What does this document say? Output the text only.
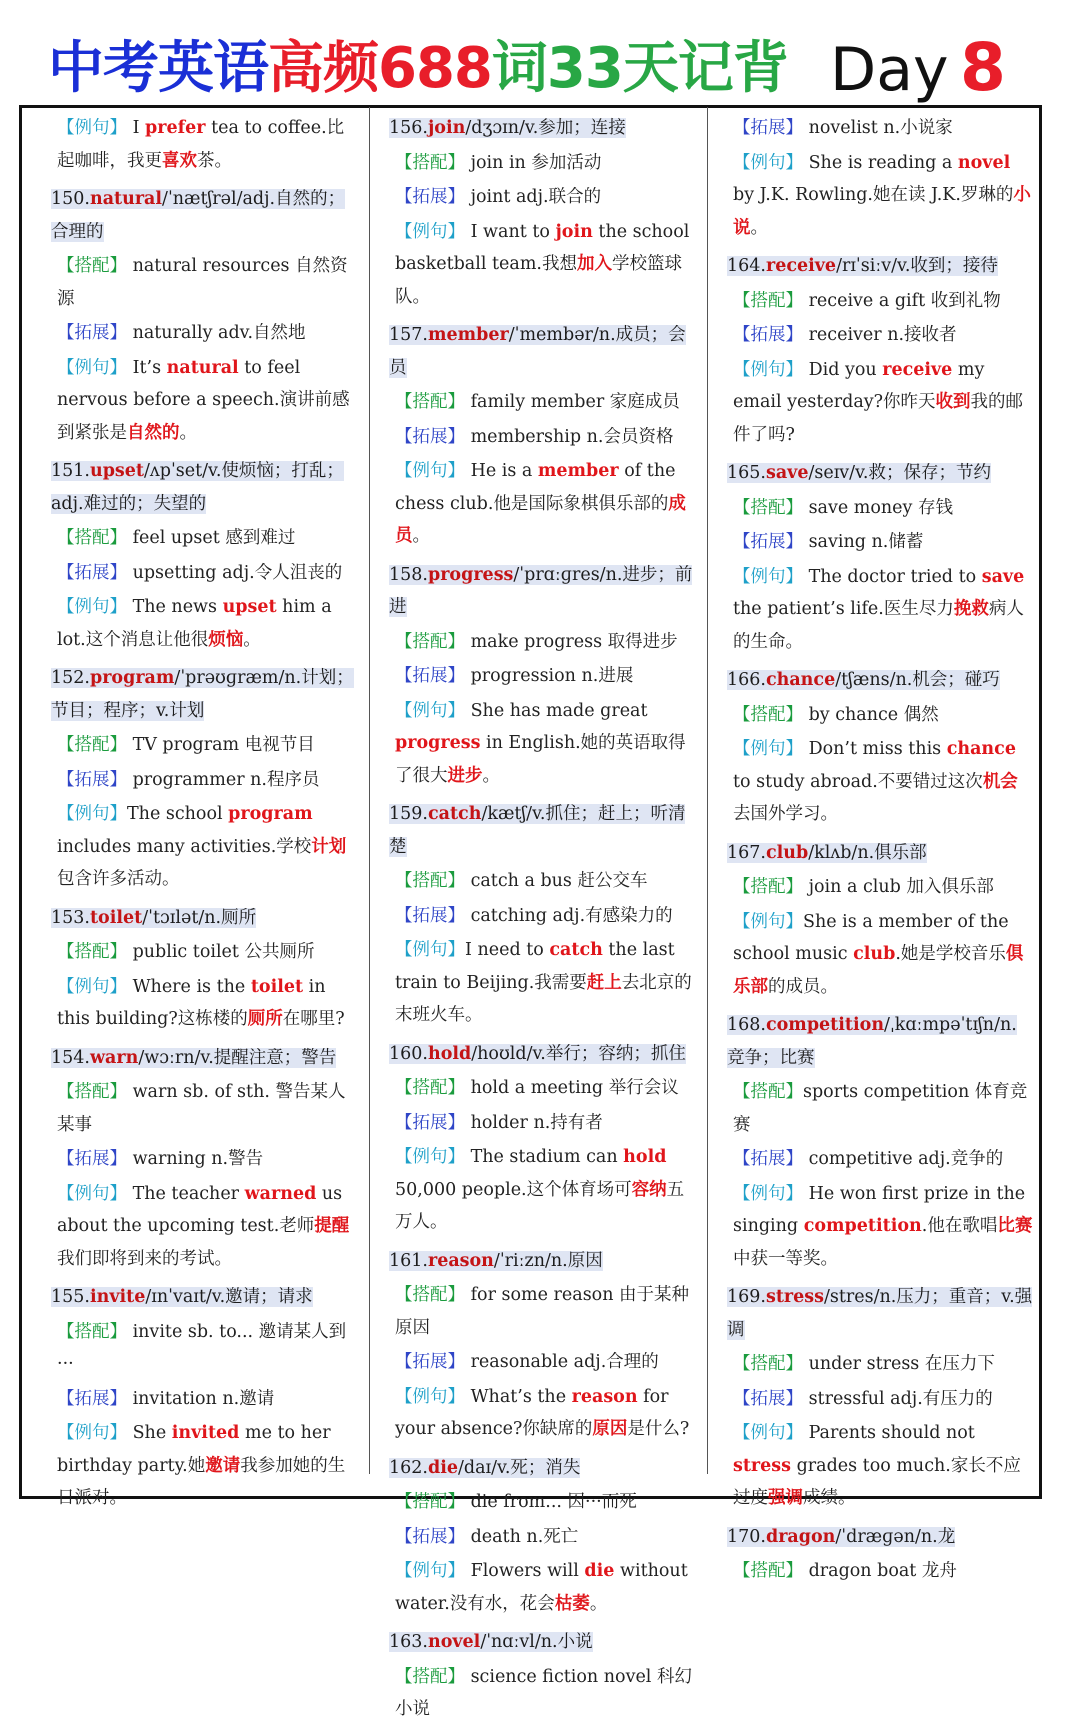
中考英语高频688词33天记背 Day 8
【例句】 I prefer tea to coffee.比起咖啡，我更喜欢茶。
150.natural/ˈnætʃrəl/adj.自然的；合理的
【搭配】 natural resources 自然资源
【拓展】 naturally adv.自然地
【例句】 It’s natural to feel nervous before a speech.演讲前感到紧张是自然的。
151.upset/ʌpˈset/v.使烦恼；打乱；adj.难过的；失望的
【搭配】 feel upset 感到难过
【拓展】 upsetting adj.令人沮丧的
【例句】 The news upset him a lot.这个消息让他很烦恼。
152.program/ˈprəʊɡræm/n.计划；节目；程序；v.计划
【搭配】 TV program 电视节目
【拓展】 programmer n.程序员
【例句】The school program includes many activities.学校计划包含许多活动。
153.toilet/ˈtɔɪlət/n.厕所
【搭配】 public toilet 公共厕所
【例句】 Where is the toilet in this building?这栋楼的厕所在哪里?
154.warn/wɔːrn/v.提醒注意；警告
【搭配】 warn sb. of sth. 警告某人某事
【拓展】 warning n.警告
【例句】 The teacher warned us about the upcoming test.老师提醒我们即将到来的考试。
155.invite/ɪnˈvaɪt/v.邀请；请求
【搭配】 invite sb. to... 邀请某人到···
【拓展】 invitation n.邀请
【例句】 She invited me to her birthday party.她邀请我参加她的生日派对。
156.join/dʒɔɪn/v.参加；连接
【搭配】 join in 参加活动
【拓展】 joint adj.联合的
【例句】 I want to join the school basketball team.我想加入学校篮球队。
157.member/ˈmembər/n.成员；会员
【搭配】 family member 家庭成员
【拓展】 membership n.会员资格
【例句】 He is a member of the chess club.他是国际象棋俱乐部的成员。
158.progress/ˈprɑːɡres/n.进步；前进
【搭配】 make progress 取得进步
【拓展】 progression n.进展
【例句】 She has made great progress in English.她的英语取得了很大进步。
159.catch/kætʃ/v.抓住；赶上；听清楚
【搭配】 catch a bus 赶公交车
【拓展】 catching adj.有感染力的
【例句】I need to catch the last train to Beijing.我需要赶上去北京的末班火车。
160.hold/hoʊld/v.举行；容纳；抓住
【搭配】 hold a meeting 举行会议
【拓展】 holder n.持有者
【例句】 The stadium can hold 50,000 people.这个体育场可容纳五万人。
161.reason/ˈriːzn/n.原因
【搭配】 for some reason 由于某种原因
【拓展】 reasonable adj.合理的
【例句】 What’s the reason for your absence?你缺席的原因是什么?
162.die/daɪ/v.死；消失
【搭配】 die from... 因···而死
【拓展】 death n.死亡
【例句】 Flowers will die without water.没有水，花会枯萎。
163.novel/ˈnɑːvl/n.小说
【搭配】 science fiction novel 科幻小说
【拓展】 novelist n.小说家
【例句】 She is reading a novel by J.K. Rowling.她在读 J.K.罗琳的小说。
164.receive/rɪˈsiːv/v.收到；接待
【搭配】 receive a gift 收到礼物
【拓展】 receiver n.接收者
【例句】 Did you receive my email yesterday?你昨天收到我的邮件了吗?
165.save/seɪv/v.救；保存；节约
【搭配】 save money 存钱
【拓展】 saving n.储蓄
【例句】 The doctor tried to save the patient’s life.医生尽力挽救病人的生命。
166.chance/tʃæns/n.机会；碰巧
【搭配】 by chance 偶然
【例句】 Don’t miss this chance to study abroad.不要错过这次机会去国外学习。
167.club/klʌb/n.俱乐部
【搭配】 join a club 加入俱乐部
【例句】She is a member of the school music club.她是学校音乐俱乐部的成员。
168.competition/ˌkɑːmpəˈtɪʃn/n.竞争；比赛
【搭配】sports competition 体育竞赛
【拓展】 competitive adj.竞争的
【例句】 He won first prize in the singing competition.他在歌唱比赛中获一等奖。
169.stress/stres/n.压力；重音；v.强调
【搭配】 under stress 在压力下
【拓展】 stressful adj.有压力的
【例句】 Parents should not stress grades too much.家长不应过度强调成绩。
170.dragon/ˈdræɡən/n.龙
【搭配】 dragon boat 龙舟
